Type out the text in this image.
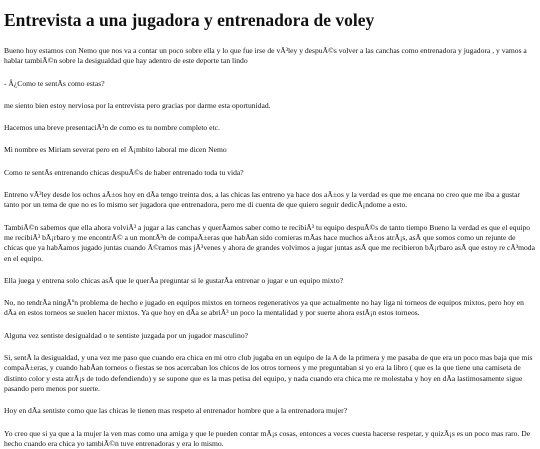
Entrevista a una jugadora y entrenadora de voley

Bueno hoy estamos con Nemo que nos va a contar un poco sobre ella y lo que fue irse de vÃ³ley y despuÃ©s volver a las canchas como entrenadora y jugadora , y vamos a hablar tambiÃ©n sobre la desigualdad que hay adentro de este deporte tan lindo

- Â¿Como te sentÃs como estas?

me siento bien estoy nerviosa por la entrevista pero gracias por darme esta oportunidad.

Hacemos una breve presentaciÃ³n de como es tu nombre completo etc.

Mi nombre es Miriam severat pero en el Ã¡mbito laboral me dicen Nemo

Como te sentÃs entrenando chicas despuÃ©s de haber entrenado toda tu vida?

Entreno vÃ³ley desde los ochos aÃ±os hoy en dÃa tengo treinta dos, a las chicas las entreno ya hace dos aÃ±os y la verdad es que me encana no creo que me iba a gustar tanto por un tema de que no es lo mismo ser jugadora que entrenadora, pero me di cuenta de que quiero seguir dedicÃ¡ndome a esto.

TambiÃ©n sabemos que ella ahora volviÃ³ a jugar a las canchas y querÃamos saber como te recibiÃ³ tu equipo despuÃ©s de tanto tiempo Bueno la verdad es que el equipo me recibiÃ³ bÃ¡rbaro y me encontrÃ© a un montÃ³n de compaÃ±eras que habÃan sido comieras mÃas hace muchos aÃ±os atrÃ¡s, asÃ que somos como un rejunte de chicas que ya habÃamos jugado juntas cuando Ã©ramos mas jÃ³venes y ahora de grandes volvimos a jugar juntas asÃ que me recibieron bÃ¡rbaro asÃ que estoy re cÃ³moda en el equipo.

Ella juega y entrena solo chicas asÃ que le querÃa preguntar si le gustarÃa entrenar o jugar e un equipo mixto?

No, no tendrÃa ningÃºn problema de hecho e jugado en equipos mixtos en torneos regenerativos ya que actualmente no hay liga ni torneos de equipos mixtos, pero hoy en dÃa en estos torneos se suelen hacer mixtos. Ya que hoy en dÃa se abriÃ³ un poco la mentalidad y por suerte ahora estÃ¡n estos torneos.

Alguna vez sentiste desigualdad o te sentiste juzgada por un jugador masculino?

Si, sentÃ la desigualdad, y una vez me paso que cuando era chica en mi otro club jugaba en un equipo de la A de la primera y me pasaba de que era un poco mas baja que mis compaÃ±eras, y cuando habÃan torneos o fiestas se nos acercaban los chicos de los otros torneos y me preguntaban si yo era la libro ( que es la que tiene una camiseta de distinto color y esta atrÃ¡s de todo defendiendo) y se supone que es la mas petisa del equipo, y nada cuando era chica me re molestaba y hoy en dÃa lastimosamente sigue pasando pero menos por suerte.

Hoy en dÃa sentiste como que las chicas le tienen mas respeto al entrenador hombre que a la entrenadora mujer?

Yo creo que si ya que a la mujer la ven mas como una amiga y que le pueden contar mÃ¡s cosas, entonces a veces cuesta hacerse respetar, y quizÃ¡s es un poco mas raro. De hecho cuando era chica yo tambiÃ©n tuve entrenadoras y era lo mismo.
